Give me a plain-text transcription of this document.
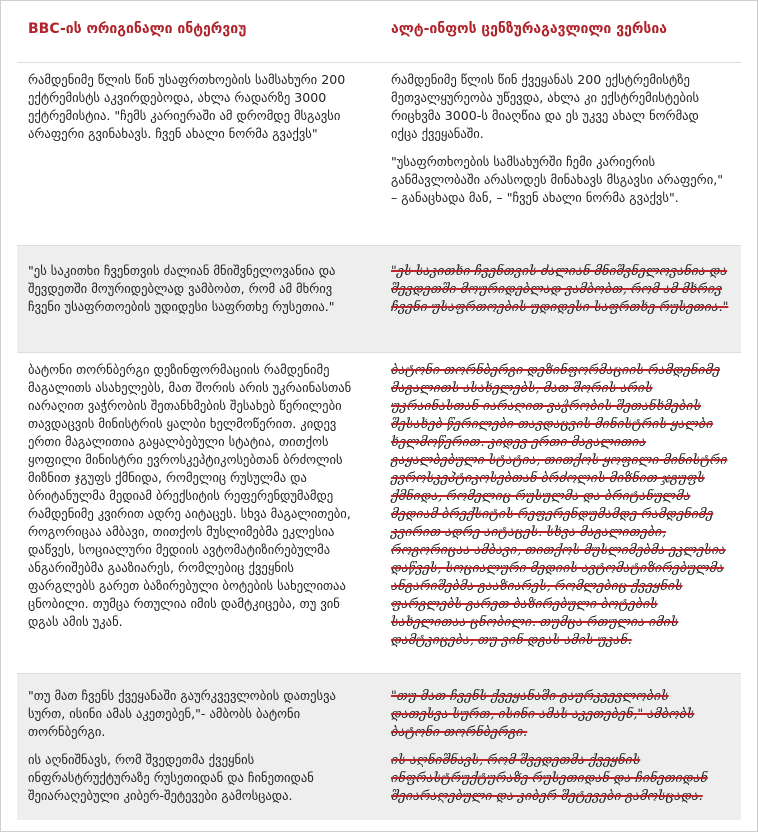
BBC-ის ორიგინალი ინტერვიუ	ალტ-ინფოს ცენზურაგავლილი ვერსია

რამდენიმე წლის წინ უსაფრთხოების სამსახური 200 ექტრემისტს აკვირდებოდა, ახლა რადარზე 3000 ექტრემისტია. "ჩემს კარიერაში ამ დრომდე მსგავსი არაფერი გვინახავს. ჩვენ ახალი ნორმა გვაქვს"

რამდენიმე წლის წინ ქვეყანას 200 ექსტრემისტზე მეთვალყურეობა უწევდა, ახლა კი ექსტრემისტების რიცხვმა 3000-ს მიაღწია და ეს უკვე ახალ ნორმად იქცა ქვეყანაში.

"უსაფრთხოების სამსახურში ჩემი კარიერის განმავლობაში არასოდეს მინახავს მსგავსი არაფერი," – განაცხადა მან, – "ჩვენ ახალი ნორმა გვაქვს".

"ეს საკითხი ჩვენთვის ძალიან მნიშვნელოვანია და შევდეთში მოურიდებლად ვამბობთ, რომ ამ მხრივ ჩვენი უსაფრთოების უდიდესი საფრთხე რუსეთია."

"ეს საკითხი ჩვენთვის ძალიან მნიშვნელოვანია და შევდეთში მოურიდებლად ვამბობთ, რომ ამ მხრივ ჩვენი უსაფრთოების უდიდესი საფრთხე რუსეთია."

ბატონი თორნბერგი დეზინფორმაციის რამდენიმე მაგალითს ასახელებს, მათ შორის არის უკრაინასთან იარაღით ვაჭრობის შეთანხმების შესახებ წერილები თავდაცვის მინისტრის ყალბი ხელმოწერით. კიდევ ერთი მაგალითია გაყალბებული სტატია, თითქოს ყოფილი მინისტრი ევროსკეპტიკოსებთან ბრძოლის მიზნით ჯგუფს ქმნიდა, რომელიც რუსულმა და ბრიტანულმა მედიამ ბრექსიტის რეფერენდუმამდე რამდენიმე კვირით ადრე აიტაცეს. სხვა მაგალითები, როგორიცაა ამბავი, თითქოს მუსლიმებმა ეკლესია დაწვეს, სოციალური მედიის ავტომატიზირებულმა ანგარიშებმა გააზიარეს, რომლებიც ქვეყნის ფარგლებს გარეთ ბაზირებული ბოტების სახელითაა ცნობილი. თუმცა რთულია იმის დამტკიცება, თუ ვინ დგას ამის უკან.

ბატონი თორნბერგი დეზინფორმაციის რამდენიმე მაგალითს ასახელებს, მათ შორის არის უკრაინასთან იარაღით ვაჭრობის შეთანხმების შესახებ წერილები თავდაცვის მინისტრის ყალბი ხელმოწერით. კიდევ ერთი მაგალითია გაყალბებული სტატია, თითქოს ყოფილი მინისტრი ევროსკეპტიკოსებთან ბრძოლის მიზნით ჯგუფს ქმნიდა, რომელიც რუსულმა და ბრიტანულმა მედიამ ბრექსიტის რეფერენდუმამდე რამდენიმე კვირით ადრე აიტაცეს. სხვა მაგალითები, როგორიცაა ამბავი, თითქოს მუსლიმებმა ეკლესია დაწვეს, სოციალური მედიის ავტომატიზირებულმა ანგარიშებმა გააზიარეს, რომლებიც ქვეყნის ფარგლებს გარეთ ბაზირებული ბოტების სახელითაა ცნობილი. თუმცა რთულია იმის დამტკიცება, თუ ვინ დგას ამის უკან.

"თუ მათ ჩვენს ქვეყანაში გაურკვევლობის დათესვა სურთ, ისინი ამას აკეთებენ,"- ამბობს ბატონი თორნბერგი.

ის აღნიშნავს, რომ შვედეთმა ქვეყნის ინფრასტრუქტურაზე რუსეთიდან და ჩინეთიდან შეიარაღებული კიბერ-შეტევები გამოსცადა.

"თუ მათ ჩვენს ქვეყანაში გაურკვევლობის დათესვა სურთ, ისინი ამას აკეთებენ," ამბობს ბატონი თორნბერგი.

ის აღნიშნავს, რომ შვედეთმა ქვეყნის ინფრასტრუქტურაზე რუსეთიდან და ჩინეთიდან შეიარაღებული და კიბერ შეტევები გამოსცადა.
